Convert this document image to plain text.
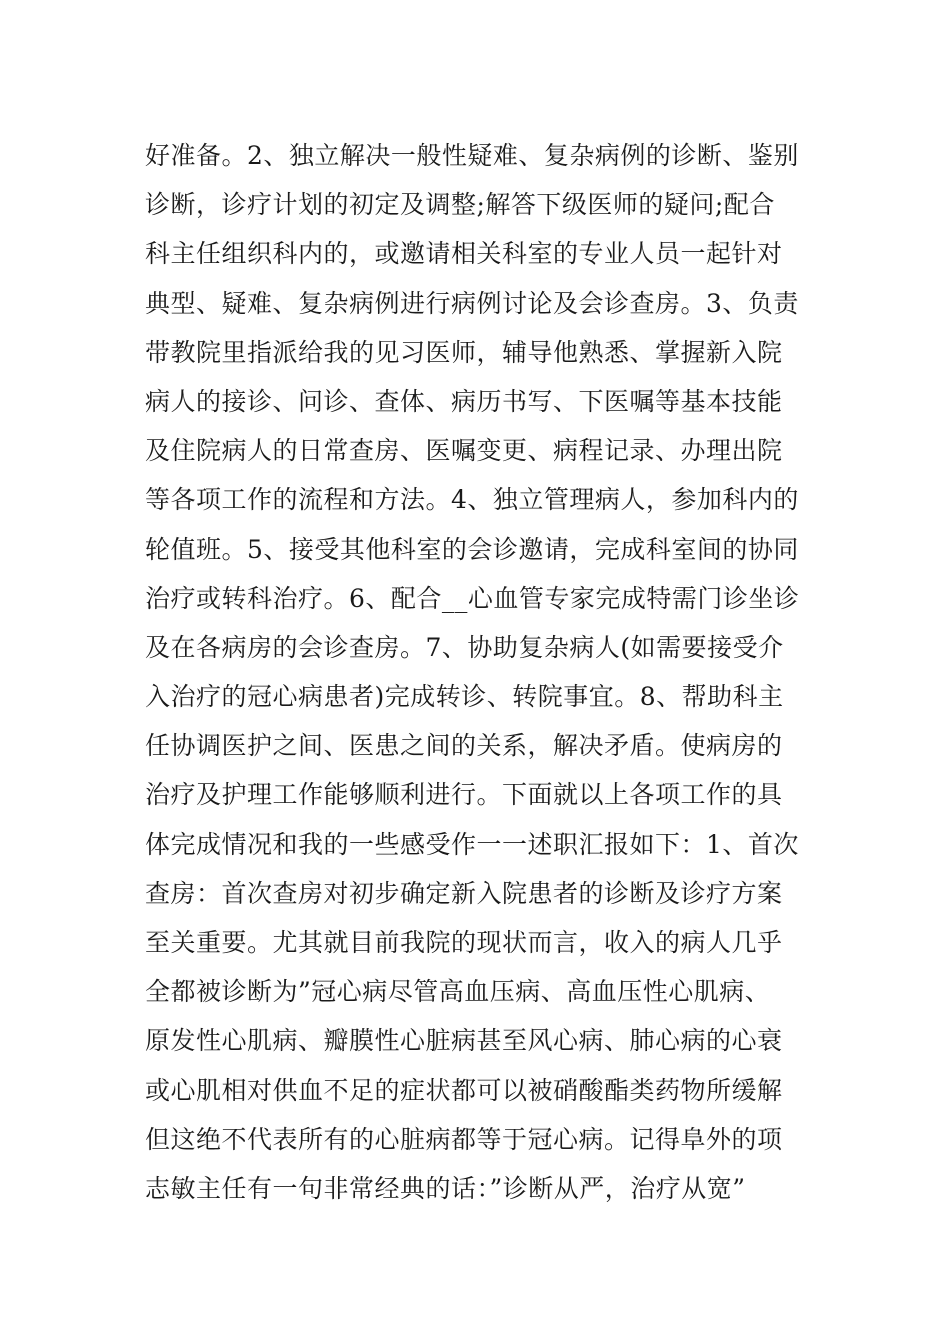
好准备。2、独立解决一般性疑难、复杂病例的诊断、鉴别
诊断，诊疗计划的初定及调整;解答下级医师的疑问;配合
科主任组织科内的，或邀请相关科室的专业人员一起针对
典型、疑难、复杂病例进行病例讨论及会诊查房。3、负责
带教院里指派给我的见习医师，辅导他熟悉、掌握新入院
病人的接诊、问诊、查体、病历书写、下医嘱等基本技能
及住院病人的日常查房、医嘱变更、病程记录、办理出院
等各项工作的流程和方法。4、独立管理病人，参加科内的
轮值班。5、接受其他科室的会诊邀请，完成科室间的协同
治疗或转科治疗。6、配合__心血管专家完成特需门诊坐诊
及在各病房的会诊查房。7、协助复杂病人(如需要接受介
入治疗的冠心病患者)完成转诊、转院事宜。8、帮助科主
任协调医护之间、医患之间的关系，解决矛盾。使病房的
治疗及护理工作能够顺利进行。下面就以上各项工作的具
体完成情况和我的一些感受作一一述职汇报如下：1、首次
查房：首次查房对初步确定新入院患者的诊断及诊疗方案
至关重要。尤其就目前我院的现状而言，收入的病人几乎
全都被诊断为”冠心病尽管高血压病、高血压性心肌病、
原发性心肌病、瓣膜性心脏病甚至风心病、肺心病的心衰
或心肌相对供血不足的症状都可以被硝酸酯类药物所缓解
但这绝不代表所有的心脏病都等于冠心病。记得阜外的项
志敏主任有一句非常经典的话：”诊断从严，治疗从宽”
